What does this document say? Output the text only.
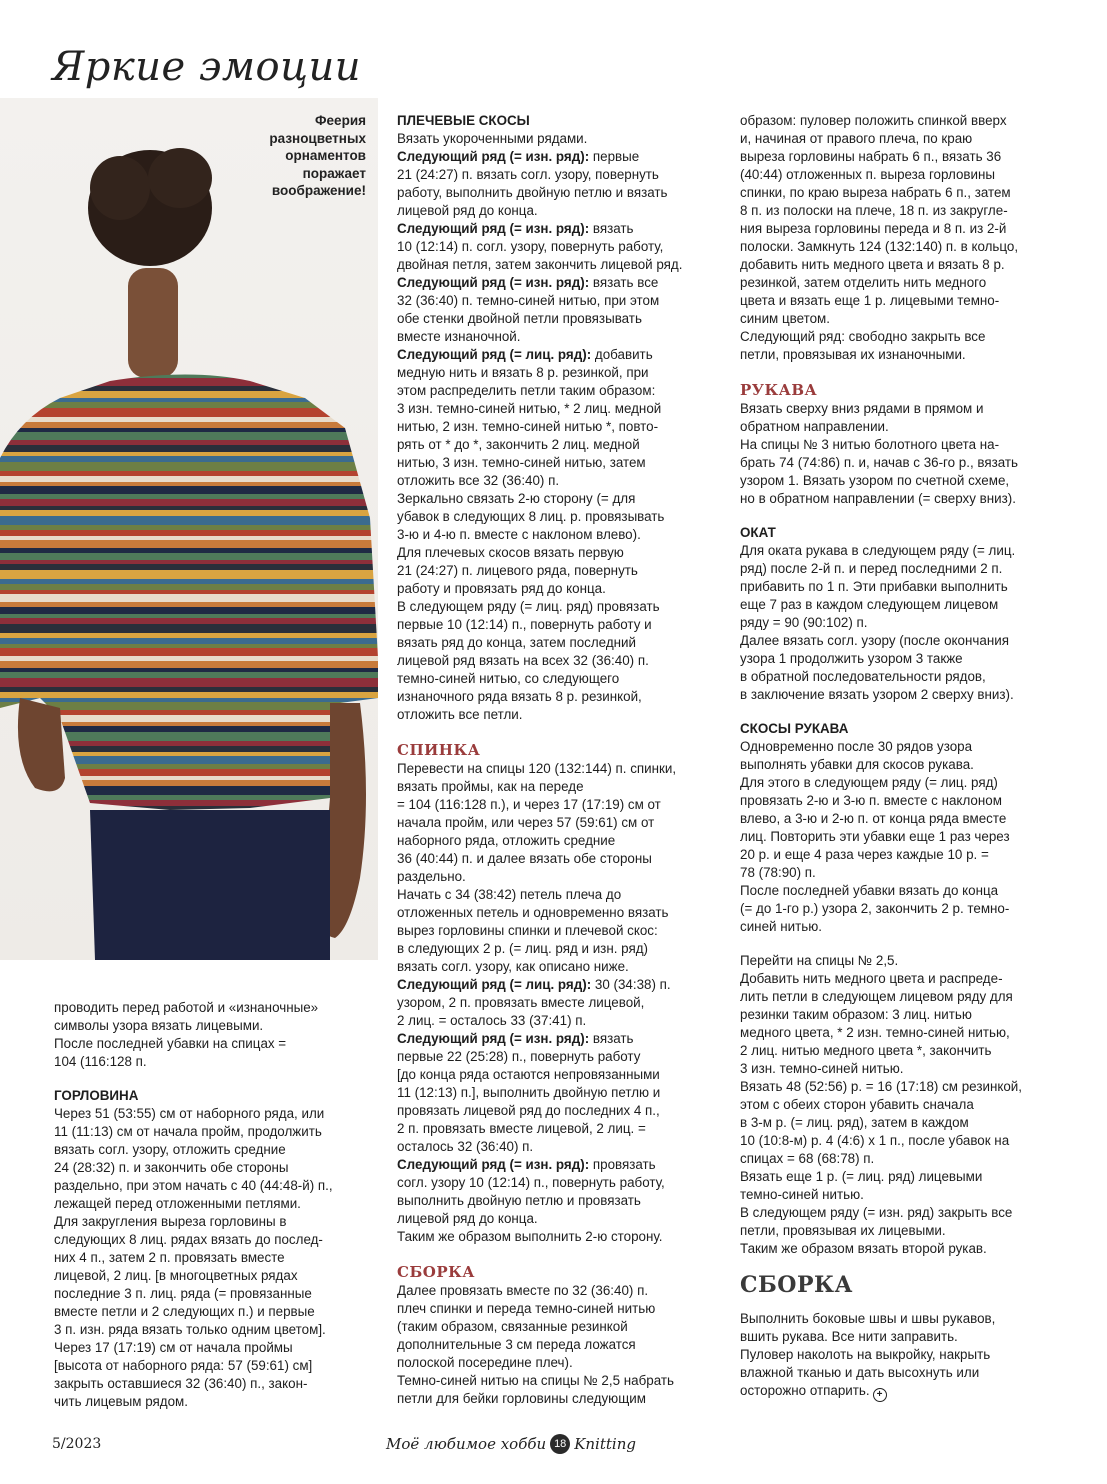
Яркие эмоции
Феерия
разноцветных
орнаментов
поражает
воображение!

проводить перед работой и «изнаночные»
символы узора вязать лицевыми.
После последней убавки на спицах =
104 (116:128 п.

ГОРЛОВИНА

Через 51 (53:55) см от наборного ряда, или
11 (11:13) см от начала пройм, продолжить
вязать согл. узору, отложить средние
24 (28:32) п. и закончить обе стороны
раздельно, при этом начать с 40 (44:48-й) п.,
лежащей перед отложенными петлями.
Для закругления выреза горловины в
следующих 8 лиц. рядах вязать до послед-
них 4 п., затем 2 п. провязать вместе
лицевой, 2 лиц. [в многоцветных рядах
последние 3 п. лиц. ряда (= провязанные
вместе петли и 2 следующих п.) и первые
3 п. изн. ряда вязать только одним цветом].
Через 17 (17:19) см от начала проймы
[высота от наборного ряда: 57 (59:61) см]
закрыть оставшиеся 32 (36:40) п., закон-
чить лицевым рядом.

ПЛЕЧЕВЫЕ СКОСЫ

Вязать укороченными рядами.

Следующий ряд (= изн. ряд): первые
21 (24:27) п. вязать согл. узору, повернуть
работу, выполнить двойную петлю и вязать
лицевой ряд до конца.

Следующий ряд (= изн. ряд): вязать
10 (12:14) п. согл. узору, повернуть работу,
двойная петля, затем закончить лицевой ряд.

Следующий ряд (= изн. ряд): вязать все
32 (36:40) п. темно-синей нитью, при этом
обе стенки двойной петли провязывать
вместе изнаночной.

Следующий ряд (= лиц. ряд): добавить
медную нить и вязать 8 р. резинкой, при
этом распределить петли таким образом:
3 изн. темно-синей нитью, * 2 лиц. медной
нитью, 2 изн. темно-синей нитью *, повто-
рять от * до *, закончить 2 лиц. медной
нитью, 3 изн. темно-синей нитью, затем
отложить все 32 (36:40) п.
Зеркально связать 2-ю сторону (= для
убавок в следующих 8 лиц. р. провязывать
3-ю и 4-ю п. вместе с наклоном влево).
Для плечевых скосов вязать первую
21 (24:27) п. лицевого ряда, повернуть
работу и провязать ряд до конца.
В следующем ряду (= лиц. ряд) провязать
первые 10 (12:14) п., повернуть работу и
вязать ряд до конца, затем последний
лицевой ряд вязать на всех 32 (36:40) п.
темно-синей нитью, со следующего
изнаночного ряда вязать 8 р. резинкой,
отложить все петли.

СПИНКА

Перевести на спицы 120 (132:144) п. спинки,
вязать проймы, как на переде
= 104 (116:128 п.), и через 17 (17:19) см от
начала пройм, или через 57 (59:61) см от
наборного ряда, отложить средние
36 (40:44) п. и далее вязать обе стороны
раздельно.
Начать с 34 (38:42) петель плеча до
отложенных петель и одновременно вязать
вырез горловины спинки и плечевой скос:
в следующих 2 р. (= лиц. ряд и изн. ряд)
вязать согл. узору, как описано ниже.

Следующий ряд (= лиц. ряд): 30 (34:38) п.
узором, 2 п. провязать вместе лицевой,
2 лиц. = осталось 33 (37:41) п.

Следующий ряд (= изн. ряд): вязать
первые 22 (25:28) п., повернуть работу
[до конца ряда остаются непровязанными
11 (12:13) п.], выполнить двойную петлю и
провязать лицевой ряд до последних 4 п.,
2 п. провязать вместе лицевой, 2 лиц. =
осталось 32 (36:40) п.

Следующий ряд (= изн. ряд): провязать
согл. узору 10 (12:14) п., повернуть работу,
выполнить двойную петлю и провязать
лицевой ряд до конца.
Таким же образом выполнить 2-ю сторону.

СБОРКА

Далее провязать вместе по 32 (36:40) п.
плеч спинки и переда темно-синей нитью
(таким образом, связанные резинкой
дополнительные 3 см переда ложатся
полоской посередине плеч).
Темно-синей нитью на спицы № 2,5 набрать
петли для бейки горловины следующим

образом: пуловер положить спинкой вверх
и, начиная от правого плеча, по краю
выреза горловины набрать 6 п., вязать 36
(40:44) отложенных п. выреза горловины
спинки, по краю выреза набрать 6 п., затем
8 п. из полоски на плече, 18 п. из закругле-
ния выреза горловины переда и 8 п. из 2-й
полоски. Замкнуть 124 (132:140) п. в кольцо,
добавить нить медного цвета и вязать 8 р.
резинкой, затем отделить нить медного
цвета и вязать еще 1 р. лицевыми темно-
синим цветом.
Следующий ряд: свободно закрыть все
петли, провязывая их изнаночными.

РУКАВА

Вязать сверху вниз рядами в прямом и
обратном направлении.
На спицы № 3 нитью болотного цвета на-
брать 74 (74:86) п. и, начав с 36-го р., вязать
узором 1. Вязать узором по счетной схеме,
но в обратном направлении (= сверху вниз).

ОКАТ

Для оката рукава в следующем ряду (= лиц.
ряд) после 2-й п. и перед последними 2 п.
прибавить по 1 п. Эти прибавки выполнить
еще 7 раз в каждом следующем лицевом
ряду = 90 (90:102) п.
Далее вязать согл. узору (после окончания
узора 1 продолжить узором 3 также
в обратной последовательности рядов,
в заключение вязать узором 2 сверху вниз).

СКОСЫ РУКАВА

Одновременно после 30 рядов узора
выполнять убавки для скосов рукава.
Для этого в следующем ряду (= лиц. ряд)
провязать 2-ю и 3-ю п. вместе с наклоном
влево, а 3-ю и 2-ю п. от конца ряда вместе
лиц. Повторить эти убавки еще 1 раз через
20 р. и еще 4 раза через каждые 10 р. =
78 (78:90) п.
После последней убавки вязать до конца
(= до 1-го р.) узора 2, закончить 2 р. темно-
синей нитью.

Перейти на спицы № 2,5.
Добавить нить медного цвета и распреде-
лить петли в следующем лицевом ряду для
резинки таким образом: 3 лиц. нитью
медного цвета, * 2 изн. темно-синей нитью,
2 лиц. нитью медного цвета *, закончить
3 изн. темно-синей нитью.
Вязать 48 (52:56) р. = 16 (17:18) см резинкой,
этом с обеих сторон убавить сначала
в 3-м р. (= лиц. ряд), затем в каждом
10 (10:8-м) р. 4 (4:6) х 1 п., после убавок на
спицах = 68 (68:78) п.
Вязать еще 1 р. (= лиц. ряд) лицевыми
темно-синей нитью.
В следующем ряду (= изн. ряд) закрыть все
петли, провязывая их лицевыми.
Таким же образом вязать второй рукав.

СБОРКА

Выполнить боковые швы и швы рукавов,
вшить рукава. Все нити заправить.
Пуловер наколоть на выкройку, накрыть
влажной тканью и дать высохнуть или
осторожно отпарить. +

5/2023	Моё любимое хобби 18 Knitting
